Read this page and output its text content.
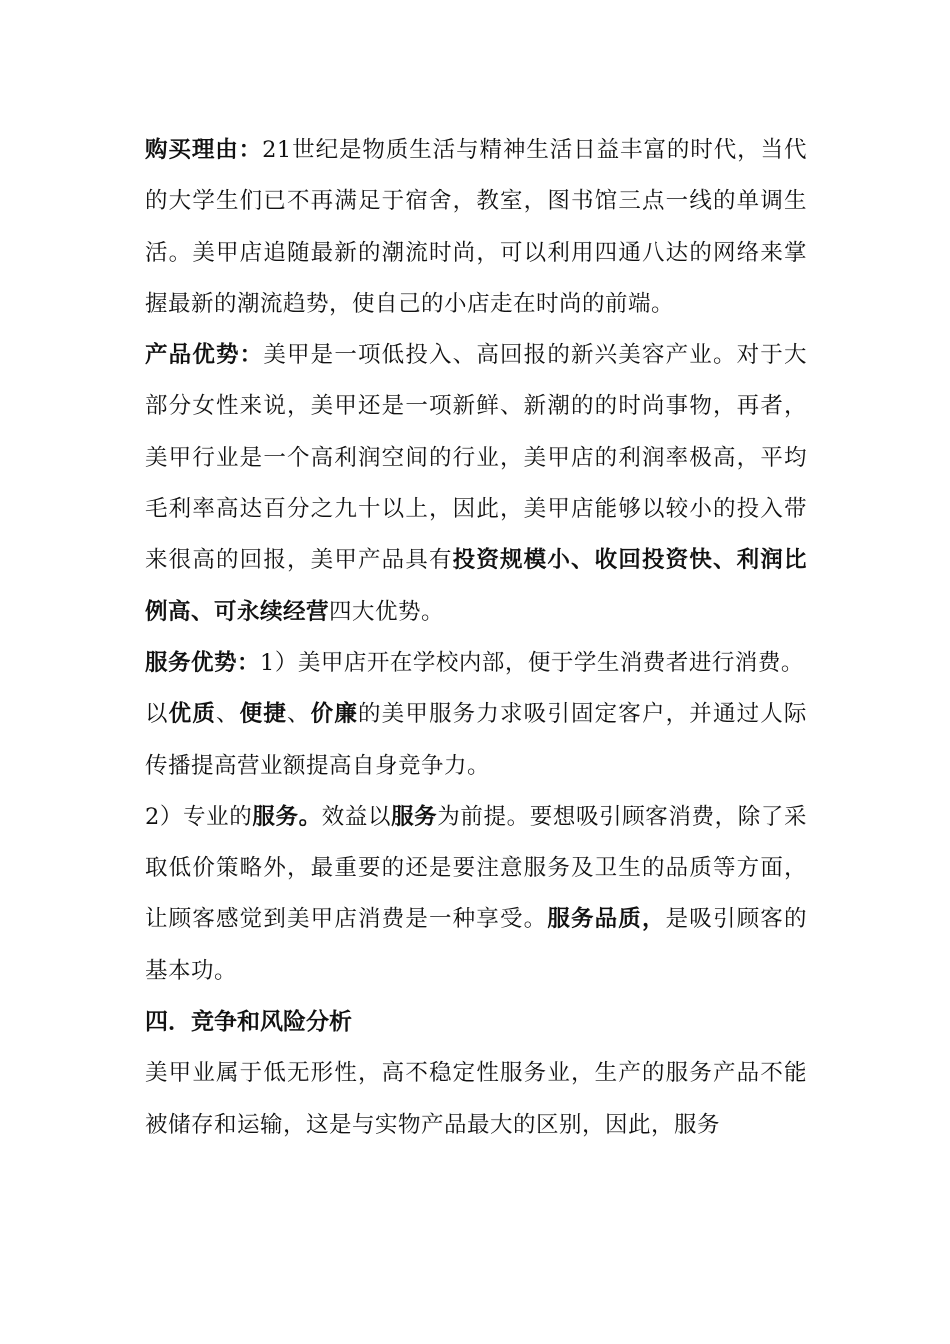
购买理由：21世纪是物质生活与精神生活日益丰富的时代，当代的大学生们已不再满足于宿舍，教室，图书馆三点一线的单调生活。美甲店追随最新的潮流时尚，可以利用四通八达的网络来掌握最新的潮流趋势，使自己的小店走在时尚的前端。

产品优势：美甲是一项低投入、高回报的新兴美容产业。对于大部分女性来说，美甲还是一项新鲜、新潮的的时尚事物，再者，美甲行业是一个高利润空间的行业，美甲店的利润率极高，平均毛利率高达百分之九十以上，因此，美甲店能够以较小的投入带来很高的回报，美甲产品具有投资规模小、收回投资快、利润比例高、可永续经营四大优势。

服务优势：1）美甲店开在学校内部，便于学生消费者进行消费。

以优质、便捷、价廉的美甲服务力求吸引固定客户，并通过人际传播提高营业额提高自身竞争力。

2）专业的服务。效益以服务为前提。要想吸引顾客消费，除了采取低价策略外，最重要的还是要注意服务及卫生的品质等方面，让顾客感觉到美甲店消费是一种享受。服务品质，是吸引顾客的基本功。

四．竞争和风险分析

美甲业属于低无形性，高不稳定性服务业，生产的服务产品不能被储存和运输，这是与实物产品最大的区别，因此，服务
